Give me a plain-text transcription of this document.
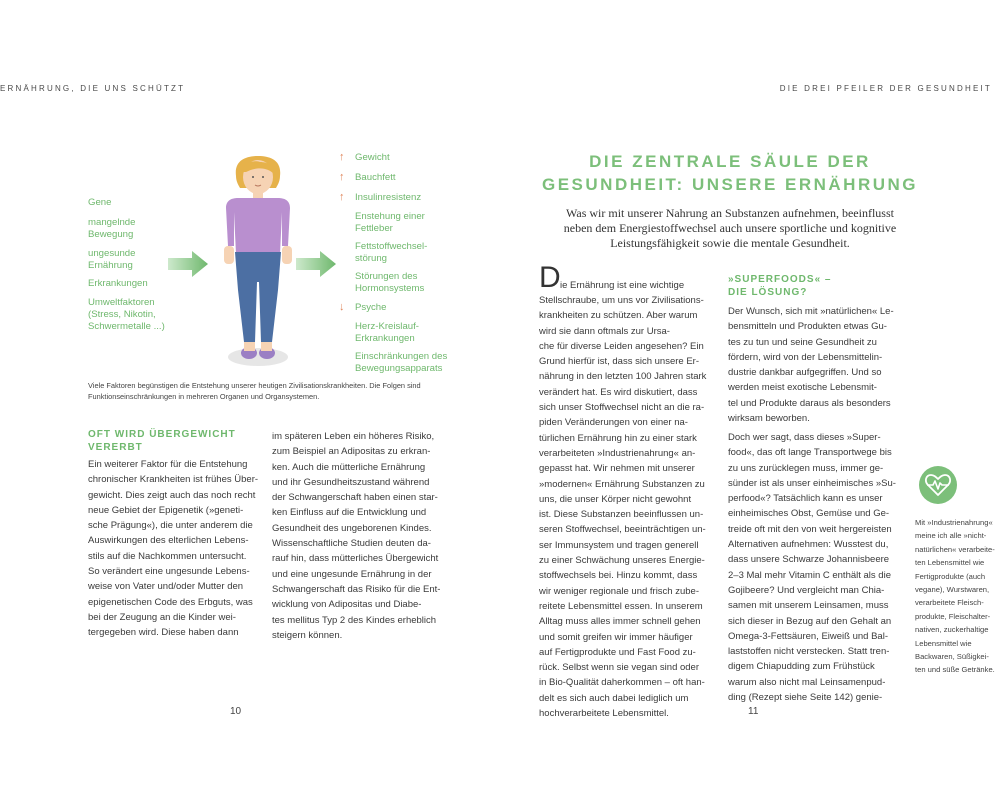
ERNÄHRUNG, DIE UNS SCHÜTZT
Gene
mangelnde
Bewegung
ungesunde
Ernährung
Erkrankungen
Umweltfaktoren
(Stress, Nikotin,
Schwermetalle ...)
↑ Gewicht
↑ Bauchfett
↑ Insulinresistenz
Enstehung einer
Fettleber
Fettstoffwechsel-
störung
Störungen des
Hormonsystems
↓ Psyche
Herz-Kreislauf-
Erkrankungen
Einschränkungen des
Bewegungsapparats
Viele Faktoren begünstigen die Entstehung unserer heutigen Zivilisationskrankheiten. Die Folgen sind
Funktionseinschränkungen in mehreren Organen und Organsystemen.
OFT WIRD ÜBERGEWICHT
VERERBT
Ein weiterer Faktor für die Entstehung
chronischer Krankheiten ist frühes Über-
gewicht. Dies zeigt auch das noch recht
neue Gebiet der Epigenetik (»geneti-
sche Prägung«), die unter anderem die
Auswirkungen des elterlichen Lebens-
stils auf die Nachkommen untersucht.
So verändert eine ungesunde Lebens-
weise von Vater und/oder Mutter den
epigenetischen Code des Erbguts, was
bei der Zeugung an die Kinder wei-
tergegeben wird. Diese haben dann
im späteren Leben ein höheres Risiko,
zum Beispiel an Adipositas zu erkran-
ken. Auch die mütterliche Ernährung
und ihr Gesundheitszustand während
der Schwangerschaft haben einen star-
ken Einfluss auf die Entwicklung und
Gesundheit des ungeborenen Kindes.
Wissenschaftliche Studien deuten da-
rauf hin, dass mütterliches Übergewicht
und eine ungesunde Ernährung in der
Schwangerschaft das Risiko für die Ent-
wicklung von Adipositas und Diabe-
tes mellitus Typ 2 des Kindes erheblich
steigern können.
10
DIE DREI PFEILER DER GESUNDHEIT
DIE ZENTRALE SÄULE DER
GESUNDHEIT: UNSERE ERNÄHRUNG
Was wir mit unserer Nahrung an Substanzen aufnehmen, beeinflusst
neben dem Energiestoffwechsel auch unsere sportliche und kognitive
Leistungsfähigkeit sowie die mentale Gesundheit.
D ie Ernährung ist eine wichtige
Stellschraube, um uns vor Zivilisations-
krankheiten zu schützen. Aber warum
wird sie dann oftmals zur Ursa-
che für diverse Leiden angesehen? Ein
Grund hierfür ist, dass sich unsere Er-
nährung in den letzten 100 Jahren stark
verändert hat. Es wird diskutiert, dass
sich unser Stoffwechsel nicht an die ra-
piden Veränderungen von einer na-
türlichen Ernährung hin zu einer stark
verarbeiteten »Industrienahrung« an-
gepasst hat. Wir nehmen mit unserer
»modernen« Ernährung Substanzen zu
uns, die unser Körper nicht gewohnt
ist. Diese Substanzen beeinflussen un-
seren Stoffwechsel, beeinträchtigen un-
ser Immunsystem und tragen generell
zu einer Schwächung unseres Energie-
stoffwechsels bei. Hinzu kommt, dass
wir weniger regionale und frisch zube-
reitete Lebensmittel essen. In unserem
Alltag muss alles immer schnell gehen
und somit greifen wir immer häufiger
auf Fertigprodukte und Fast Food zu-
rück. Selbst wenn sie vegan sind oder
in Bio-Qualität daherkommen – oft han-
delt es sich auch dabei lediglich um
hochverarbeitete Lebensmittel.
»SUPERFOODS« –
DIE LÖSUNG?
Der Wunsch, sich mit »natürlichen« Le-
bensmitteln und Produkten etwas Gu-
tes zu tun und seine Gesundheit zu
fördern, wird von der Lebensmittelin-
dustrie dankbar aufgegriffen. Und so
werden meist exotische Lebensmit-
tel und Produkte daraus als besonders
wirksam beworben.
Doch wer sagt, dass dieses »Super-
food«, das oft lange Transportwege bis
zu uns zurücklegen muss, immer ge-
sünder ist als unser einheimisches »Su-
perfood«? Tatsächlich kann es unser
einheimisches Obst, Gemüse und Ge-
treide oft mit den von weit hergereisten
Alternativen aufnehmen: Wusstest du,
dass unsere Schwarze Johannisbeere
2–3 Mal mehr Vitamin C enthält als die
Gojibeere? Und vergleicht man Chia-
samen mit unserem Leinsamen, muss
sich dieser in Bezug auf den Gehalt an
Omega-3-Fettsäuren, Eiweiß und Bal-
laststoffen nicht verstecken. Statt tren-
digem Chiapudding zum Frühstück
warum also nicht mal Leinsamenpud-
ding (Rezept siehe Seite 142) genie-
Mit »Industrienahrung«
meine ich alle »nicht-
natürlichen« verarbeite-
ten Lebensmittel wie
Fertigprodukte (auch
vegane), Wurstwaren,
verarbeitete Fleisch-
produkte, Fleischalter-
nativen, zuckerhaltige
Lebensmittel wie
Backwaren, Süßigkei-
ten und süße Getränke.
11
